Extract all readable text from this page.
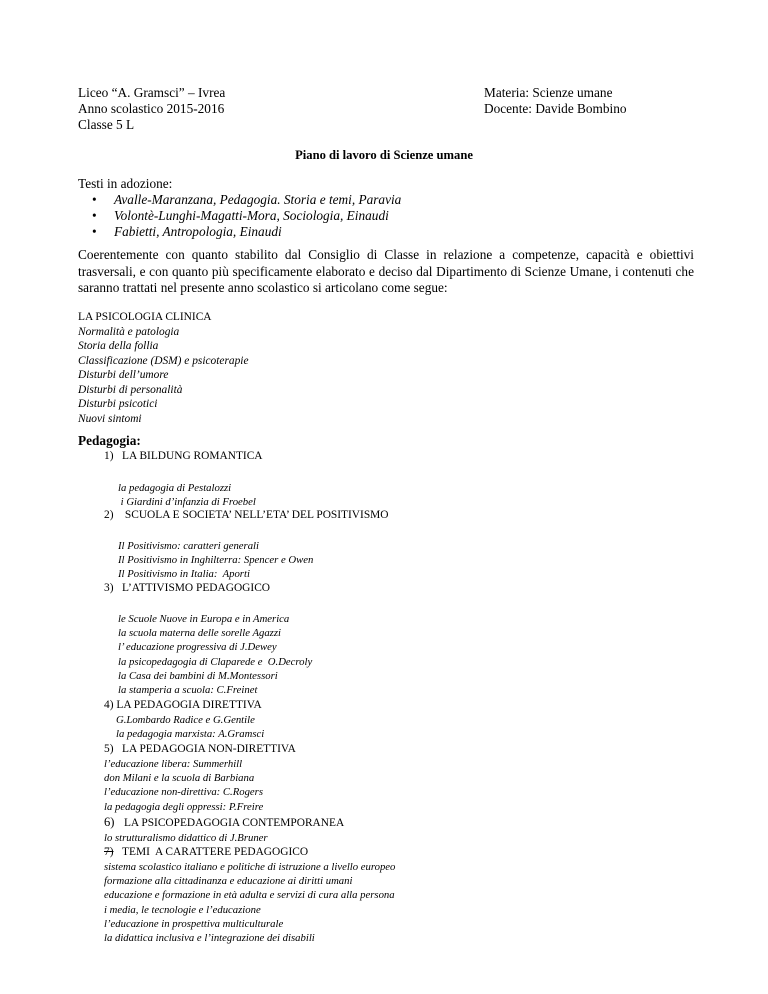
Liceo “A. Gramsci” – Ivrea
Anno scolastico 2015-2016
Classe 5 L
Materia: Scienze umane
Docente: Davide Bombino
Piano di lavoro di Scienze umane
Testi in adozione:
• Avalle-Maranzana, Pedagogia. Storia e temi, Paravia
• Volontè-Lunghi-Magatti-Mora, Sociologia, Einaudi
• Fabietti, Antropologia, Einaudi

Coerentemente con quanto stabilito dal Consiglio di Classe in relazione a competenze, capacità e obiettivi trasversali, e con quanto più specificamente elaborato e deciso dal Dipartimento di Scienze Umane, i contenuti che saranno trattati nel presente anno scolastico si articolano come segue:

LA PSICOLOGIA CLINICA
Normalità e patologia
Storia della follia
Classificazione (DSM) e psicoterapie
Disturbi dell’umore
Disturbi di personalità
Disturbi psicotici
Nuovi sintomi
Pedagogia:
1) LA BILDUNG ROMANTICA
la pedagogia di Pestalozzi
i Giardini d’infanzia di Froebel
2) SCUOLA E SOCIETA’ NELL’ETA’ DEL POSITIVISMO
Il Positivismo: caratteri generali
Il Positivismo in Inghilterra: Spencer e Owen
Il Positivismo in Italia:  Aporti
3) L’ATTIVISMO PEDAGOGICO
le Scuole Nuove in Europa e in America
la scuola materna delle sorelle Agazzi
l’ educazione progressiva di J.Dewey
la psicopedagogia di Claparede e  O.Decroly
la Casa dei bambini di M.Montessori
la stamperia a scuola: C.Freinet
4) LA PEDAGOGIA DIRETTIVA
G.Lombardo Radice e G.Gentile
la pedagogia marxista: A.Gramsci
5) LA PEDAGOGIA NON-DIRETTIVA
l’educazione libera: Summerhill
don Milani e la scuola di Barbiana
l’educazione non-direttiva: C.Rogers
la pedagogia degli oppressi: P.Freire
6) LA PSICOPEDAGOGIA CONTEMPORANEA
lo strutturalismo didattico di J.Bruner
7) TEMI  A CARATTERE PEDAGOGICO
sistema scolastico italiano e politiche di istruzione a livello europeo
formazione alla cittadinanza e educazione ai diritti umani
educazione e formazione in età adulta e servizi di cura alla persona
i media, le tecnologie e l’educazione
l’educazione in prospettiva multiculturale
la didattica inclusiva e l’integrazione dei disabili
